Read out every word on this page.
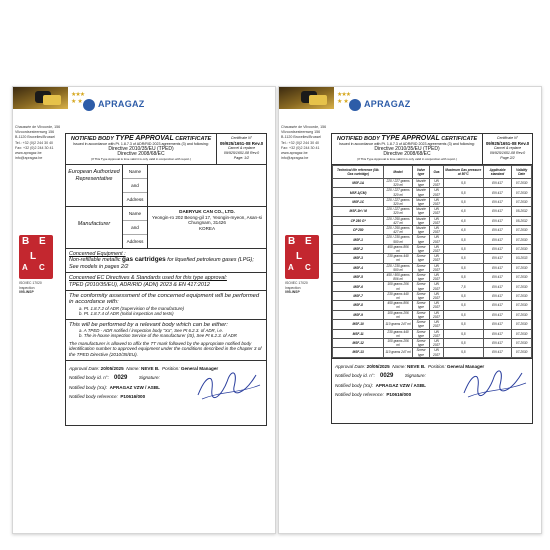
★★★
★   ★ APRAGAZ
Chaussée de Vilvoorde, 156
Vilvoordsesteenweg 156
B-1120 Bruxelles/Brussel
Tel.: +32 (0)2 244 30 40
Fax: +32 (0)2 244 30 41
www.apragaz.be
info@apragaz.be
B E
L
A C
ISO/IEC 17020
Inspection
095-INSP
NOTIFIED BODY TYPE APPROVAL CERTIFICATE
Issued in accordance with Pt. 1.8.7.3 of ADR/RID 2023 agreements (3) and following:
Directive 2010/35/EU (TPED)
Directive 2008/68/EC
(If This Type Approval is time valid it is only valid in conjunction with report.)
Certificate N°
09/925/1651-08 Rev.0
Cancel & replace
09/925/1651-08 Rev.0
Page: 1/2
European Authorized Representative
Name
and
Address
Manufacturer
Name
and
Address
DAERYUK CAN CO., LTD.
Yeongin-ro 202 Beong-gil 17, Yeongin-myeon, Asan-si
Chungnam, 31426
KOREA
Concerned Equipment :
Non-refillable metallic gas cartridges for liquefied petroleum gases (LPG); See models in pages 2/2
Concerned EC Directives & Standards used for this type approval:
TPED (2010/35/EU), ADR/RID (ADN) 2023 & EN 417:2012
The conformity assessment of the concerned equipment will be performed in accordance with:
a. Pt. 1.8.7.2 of ADR (Supervision of the manufacture)
b. Pt. 1.8.7.4 of ADR (Initial inspection and tests)
This will be performed by a relevant body which can be either:
a. A TPED - ADR notified / inspection body "Xa", See Pt 6.2.3. of ADR, i.e.
b. The in-house inspection Service of the manufacturer (IS), See Pt 6.2.3. of ADR
The manufacturer is allowed to affix the TT mark followed by the appropriate notified body identification number to approved equipment under the conditions described in the chapter 3 of the TPED Directive (2010/35/EU).
Approval Date: 20/05/2025 Name: NEVE B. Position: General Manager
Notified body id. n°: 0029	Signature:
Notified body (Xa): APRAGAZ VZW / ASBL
Notified body reference: P10616/000
★★★
★   ★ APRAGAZ
Chaussée de Vilvoorde, 156
Vilvoordsesteenweg 156
B-1120 Bruxelles/Brussel
Tel.: +32 (0)2 244 30 40
Fax: +32 (0)2 244 30 41
www.apragaz.be
info@apragaz.be
B E
L
A C
ISO/IEC 17020
Inspection
095-INSP
NOTIFIED BODY TYPE APPROVAL CERTIFICATE
Issued in accordance with Pt. 1.8.7.3 of ADR/RID 2023 agreements (3) and following:
Directive 2010/35/EU (TPED)
Directive 2008/68/EC
(If This Type Approval is time valid it is only valid in conjunction with report.)
Certificate N°
09/925/1651-08 Rev.0
Cancel & replace
09/925/1651-08 Rev.0
Page 2/2
Technical file reference (Nb. Gas cartridge)	Model	Valve type	Gas	Maximum Gas pressure at 50°C	Applicable standard	Validity Date
MSF-1A	220 / 227 grams 320 ml	Nozzle type	UN 2037	5,5	EN 417	07.2030
MSF-1(CM)	220 / 227 grams 320 ml	Nozzle type	UN 2037	5,5	EN 417	07.2030
MSF-1C	220 / 227 grams 320 ml	Nozzle type	UN 2037	5,5	EN 417	07.2030
MSF-1H / M	220 / 227 grams 320 ml	Nozzle type	UN 2037	6,5	EN 417	05.2032
CP 250 G*	220 / 250 grams 427 ml	Nozzle type	UN 2037	6,5	EN 417	05.2032
CP 250	220 / 250 grams 427 ml	Nozzle type	UN 2037	6,5	EN 417	07.2030
MSF-1	220 / 230 grams 500 ml	Screw type	UN 2037	5,5	EN 417	07.2030
MSF-2	450 grams 806 ml	Screw type	UN 2037	5,5	EN 417	07.2030
MSF-3	230 grams 440 ml	Screw type	UN 2037	5,5	EN 417	03.2033
MSF-4	220 / 230 grams 500 ml	Screw type	UN 2037	5,5	EN 417	07.2030
MSF-5	450 / 500 grams 806 ml	Screw type	UN 2037	5,5	EN 417	07.2030
MSF-6	100 grams 206 ml	Screw type	UN 2037	7,5	EN 417	07.2030
MSF-7	230 grams 440 ml	Screw type	UN 2037	5,5	EN 417	07.2030
MSF-8	450 grams 806 ml	Screw type	UN 2037	5,5	EN 417	07.2030
MSF-9	100 grams 206 ml	Screw type	UN 2037	5,5	EN 417	07.2030
MSF-10	110 grams 247 ml	Screw type	UN 2037	5,5	EN 417	07.2030
MSF-11	230 grams 440 ml	Screw type	UN 2037	5,5	EN 417	07.2030
MSF-12	100 grams 206 ml	Screw type	UN 2037	5,5	EN 417	07.2030
MSF-13	110 grams 247 ml	Screw type	UN 2037	5,5	EN 417	07.2030
Approval Date: 20/05/2025 Name: NEVE B. Position: General Manager
Notified body id. n°: 0029	Signature:
Notified body (Xa): APRAGAZ VZW / ASBL
Notified body reference: P10616/000
